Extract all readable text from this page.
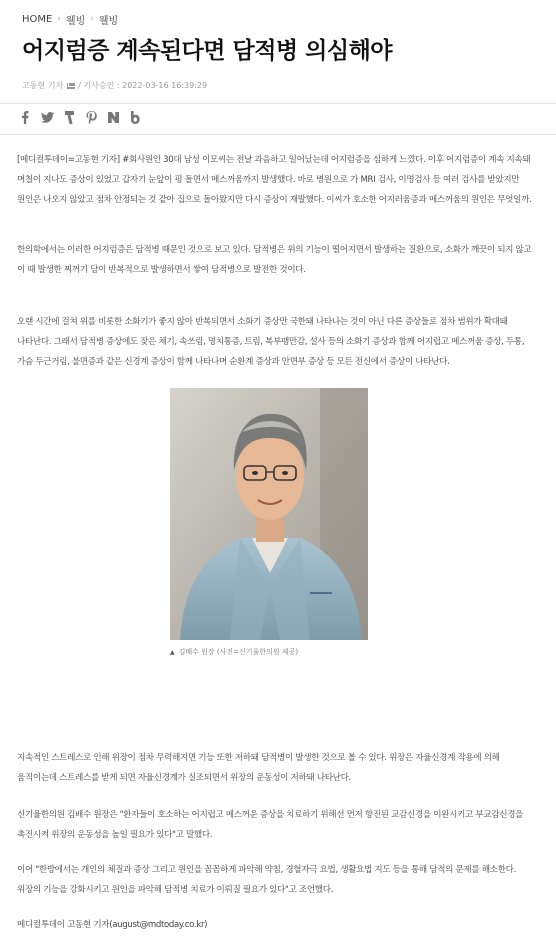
HOME › 웰빙 › 웰빙
어지럼증 계속된다면 담적병 의심해야
고동현 기자 / 기사승인 : 2022-03-16 16:39:29

[메디컬투데이=고동현 기자] #회사원인 30대 남성 이모씨는 전날 과음하고 일어났는데 어지럼증을 심하게 느꼈다. 이후 어지럼증이 계속 지속돼 며칠이 지나도 증상이 있었고 갑자기 눈앞이 핑 돌면서 메스꺼움까지 발생했다. 바로 병원으로 가 MRI 검사, 이명검사 등 여러 검사를 받았지만 원인은 나오지 않았고 점차 안정되는 것 같아 집으로 돌아왔지만 다시 증상이 재발했다. 이씨가 호소한 어지러움증과 메스꺼움의 원인은 무엇일까.

한의학에서는 이러한 어지럼증은 담적병 때문인 것으로 보고 있다. 담적병은 위의 기능이 떨어지면서 발생하는 질환으로, 소화가 깨끗이 되지 않고 이 때 발생한 찌꺼기 담이 반복적으로 발생하면서 쌓여 담적병으로 발전한 것이다.

오랜 시간에 걸쳐 위를 비롯한 소화기가 좋지 않아 반복되면서 소화기 증상만 국한돼 나타나는 것이 아닌 다른 증상들로 점차 범위가 확대돼 나타난다. 그래서 담적병 증상에도 잦은 체기, 속쓰림, 명치통증, 트림, 복부팽만감, 설사 등의 소화기 증상과 함께 어지럽고 메스꺼움 증상, 두통, 가슴 두근거림, 불면증과 같은 신경계 증상이 함께 나타나며 순환계 증상과 안면부 증상 등 모든 전신에서 증상이 나타난다.

▲ 김배수 원장 (사진=신기율한의원 제공)

지속적인 스트레스로 인해 위장이 점차 무력해지면 기능 또한 저하돼 담적병이 발생한 것으로 볼 수 있다. 위장은 자율신경계 작용에 의해 움직이는데 스트레스를 받게 되면 자율신경계가 실조되면서 위장의 운동성이 저하돼 나타난다.

신기율한의원 김배수 원장은 "환자들이 호소하는 어지럽고 메스꺼운 증상을 치료하기 위해선 먼저 항진된 교감신경을 이완시키고 부교감신경을 촉진시켜 위장의 운동성을 높일 필요가 있다"고 말했다.

이어 "한방에서는 개인의 체질과 증상 그리고 원인을 꼼꼼하게 파악해 약침, 경혈자극 요법, 생활요법 지도 등을 통해 담적의 문제를 해소한다. 위장의 기능을 강화시키고 원인을 파악해 담적병 치료가 이뤄질 필요가 있다"고 조언했다.

메디컬투데이 고동현 기자(august@mdtoday.co.kr)
